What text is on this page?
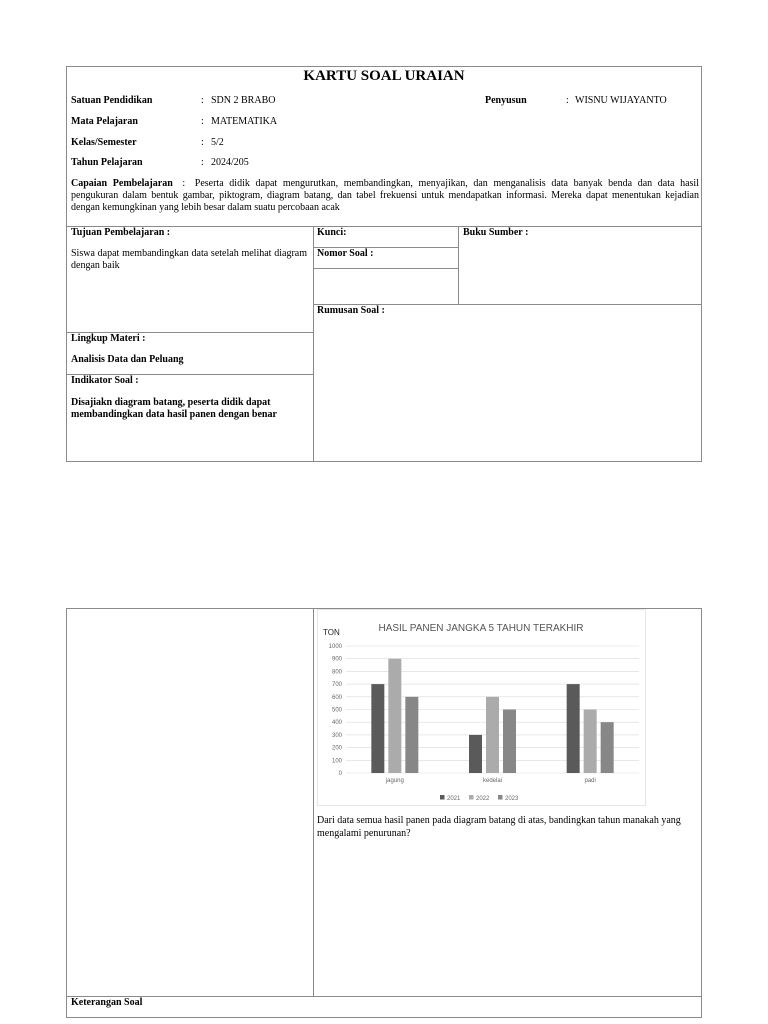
KARTU SOAL URAIAN
Satuan Pendidikan	: SDN 2 BRABO	Penyusun	: WISNU WIJAYANTO
Mata Pelajaran	: MATEMATIKA
Kelas/Semester	: 5/2
Tahun Pelajaran	: 2024/205
Capaian Pembelajaran : Peserta didik dapat mengurutkan, membandingkan, menyajikan, dan menganalisis data banyak benda dan data hasil pengukuran dalam bentuk gambar, piktogram, diagram batang, dan tabel frekuensi untuk mendapatkan informasi. Mereka dapat menentukan kejadian dengan kemungkinan yang lebih besar dalam suatu percobaan acak
Tujuan Pembelajaran :
Siswa dapat membandingkan data setelah melihat diagram dengan baik
Kunci:	Buku Sumber :
Nomor Soal :
Rumusan Soal :
Lingkup Materi :
Analisis Data dan Peluang
Indikator Soal :
Disajiakn diagram batang, peserta didik dapat membandingkan data hasil panen dengan benar
HASIL PANEN JANGKA 5 TAHUN TERAKHIR
TON
0
100
200
300
400
500
600
700
800
900
1000
jagung	kedelai	padi
2021	2022	2023
Dari data semua hasil panen pada diagram batang di atas, bandingkan tahun manakah yang mengalami penurunan?
Keterangan Soal
